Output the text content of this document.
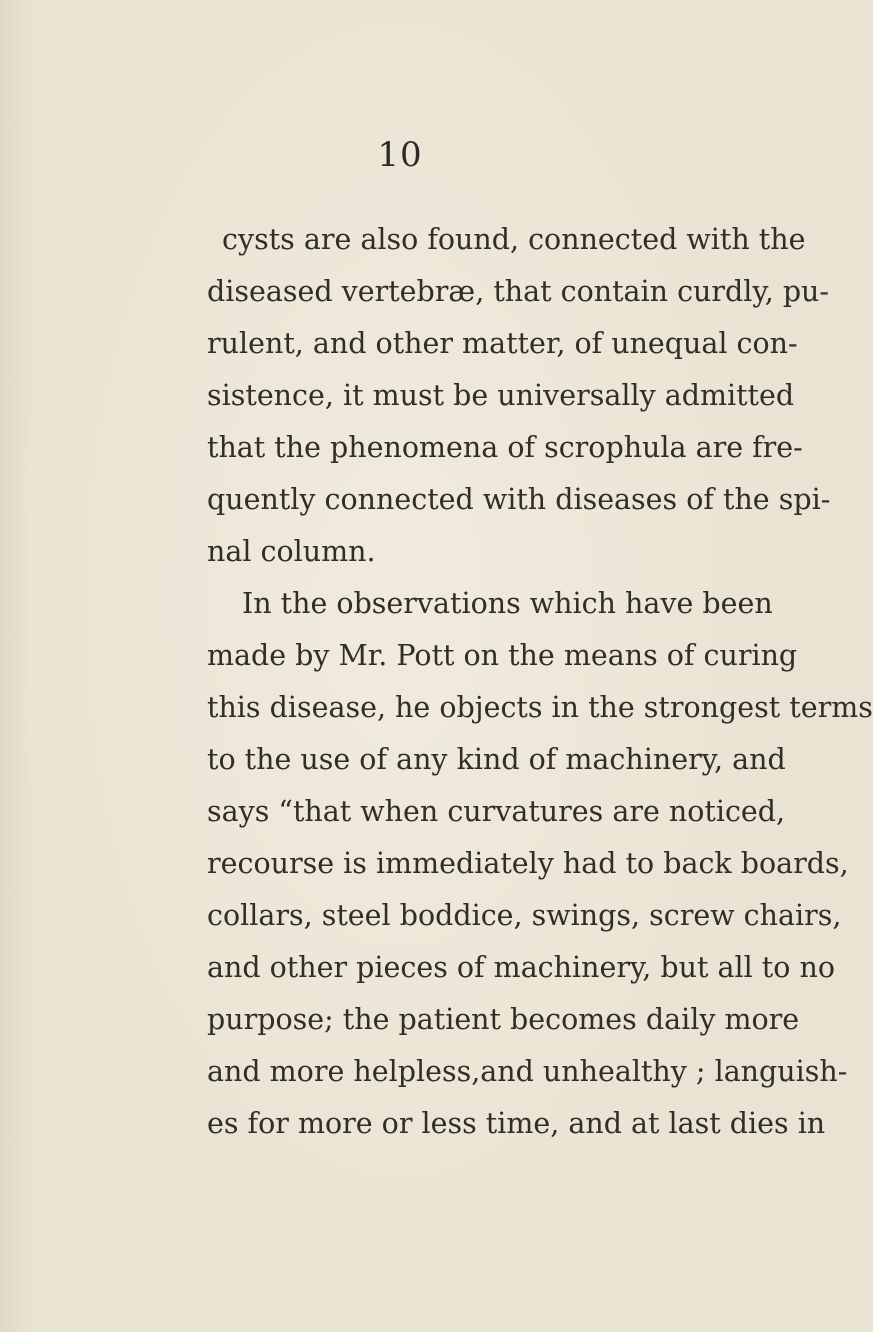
10
cysts are also found, connected with the
diseased vertebræ, that contain curdly, pu-
rulent, and other matter, of unequal con-
sistence, it must be universally admitted
that the phenomena of scrophula are fre-
quently connected with diseases of the spi-
nal column.
In the observations which have been
made by Mr. Pott on the means of curing
this disease, he objects in the strongest terms
to the use of any kind of machinery, and
says “that when curvatures are noticed,
recourse is immediately had to back boards,
collars, steel boddice, swings, screw chairs,
and other pieces of machinery, but all to no
purpose; the patient becomes daily more
and more helpless,and unhealthy ; languish-
es for more or less time, and at last dies in
